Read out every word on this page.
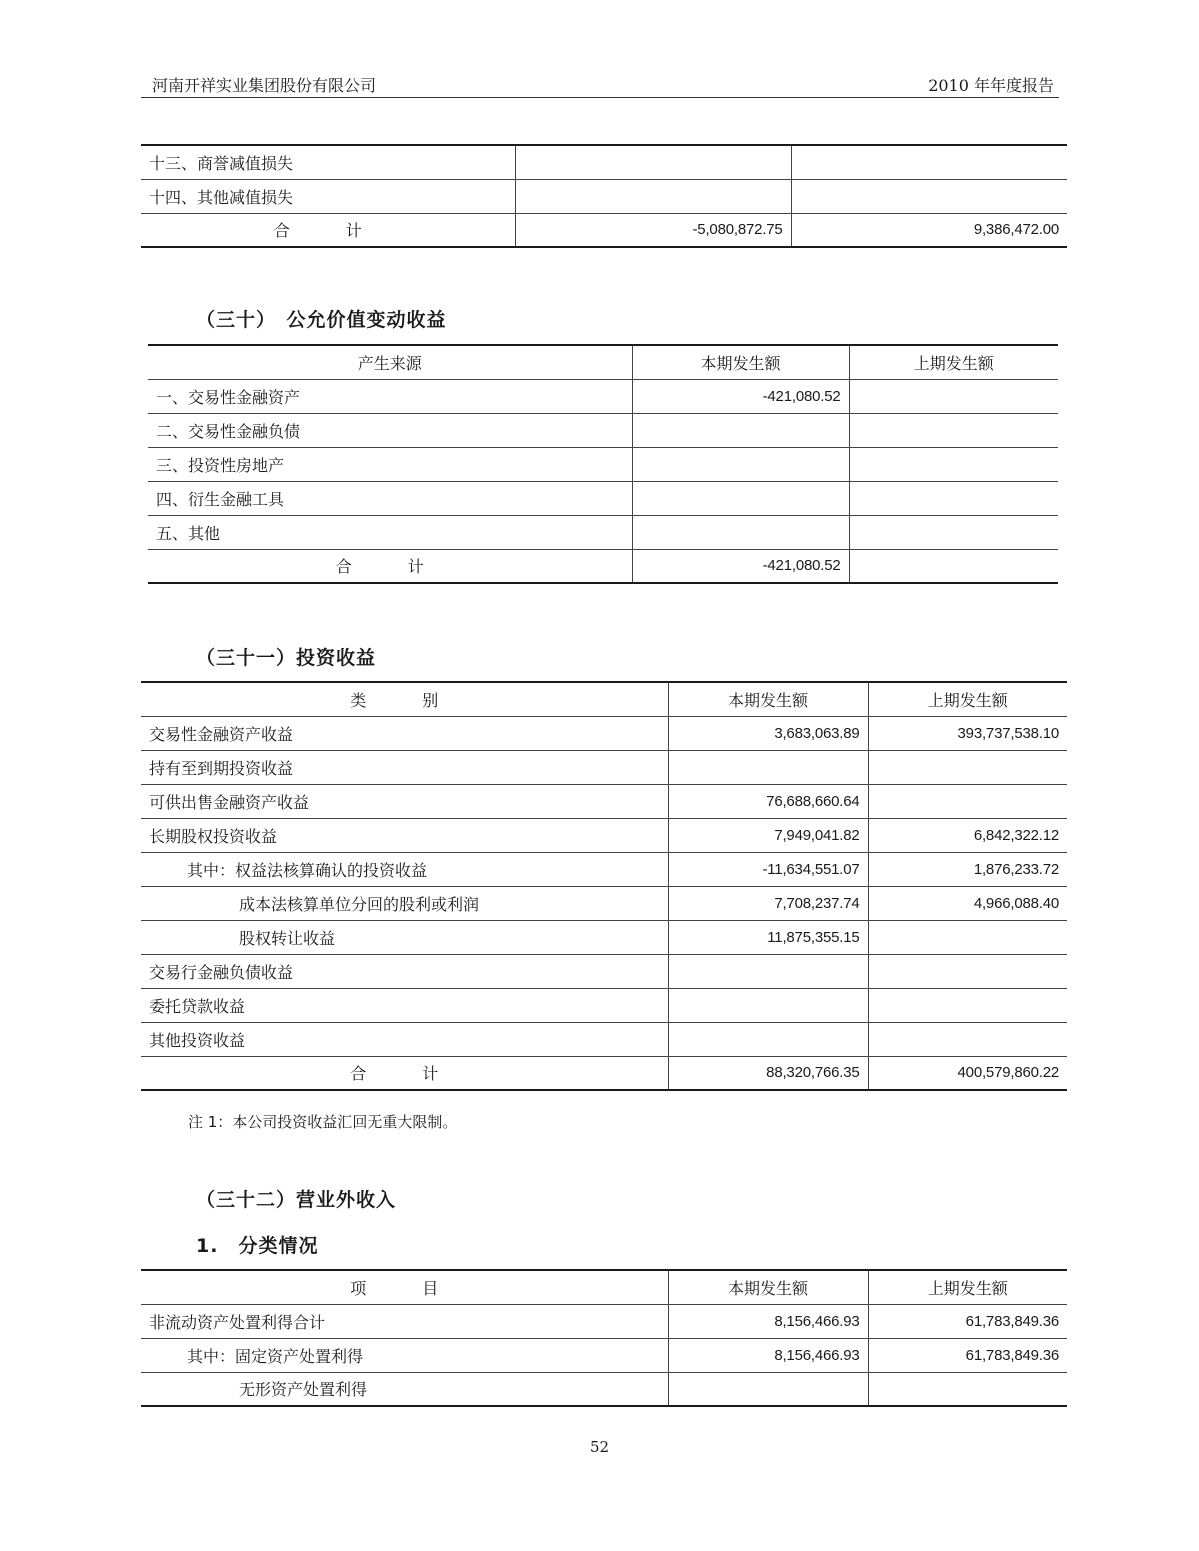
河南开祥实业集团股份有限公司	2010 年年度报告
十三、商誉减值损失		
十四、其他减值损失		
合　计	-5,080,872.75	9,386,472.00
（三十）　公允价值变动收益
产生来源	本期发生额	上期发生额
一、交易性金融资产	-421,080.52	
二、交易性金融负债		
三、投资性房地产		
四、衍生金融工具		
五、其他		
合　计	-421,080.52	
（三十一）投资收益
类　别	本期发生额	上期发生额
交易性金融资产收益	3,683,063.89	393,737,538.10
持有至到期投资收益		
可供出售金融资产收益	76,688,660.64	
长期股权投资收益	7,949,041.82	6,842,322.12
其中：权益法核算确认的投资收益	-11,634,551.07	1,876,233.72
成本法核算单位分回的股利或利润	7,708,237.74	4,966,088.40
股权转让收益	11,875,355.15	
交易行金融负债收益		
委托贷款收益		
其他投资收益		
合　计	88,320,766.35	400,579,860.22
注 1：本公司投资收益汇回无重大限制。
（三十二）营业外收入
1.　分类情况
项　目	本期发生额	上期发生额
非流动资产处置利得合计	8,156,466.93	61,783,849.36
其中：固定资产处置利得	8,156,466.93	61,783,849.36
无形资产处置利得		
52
